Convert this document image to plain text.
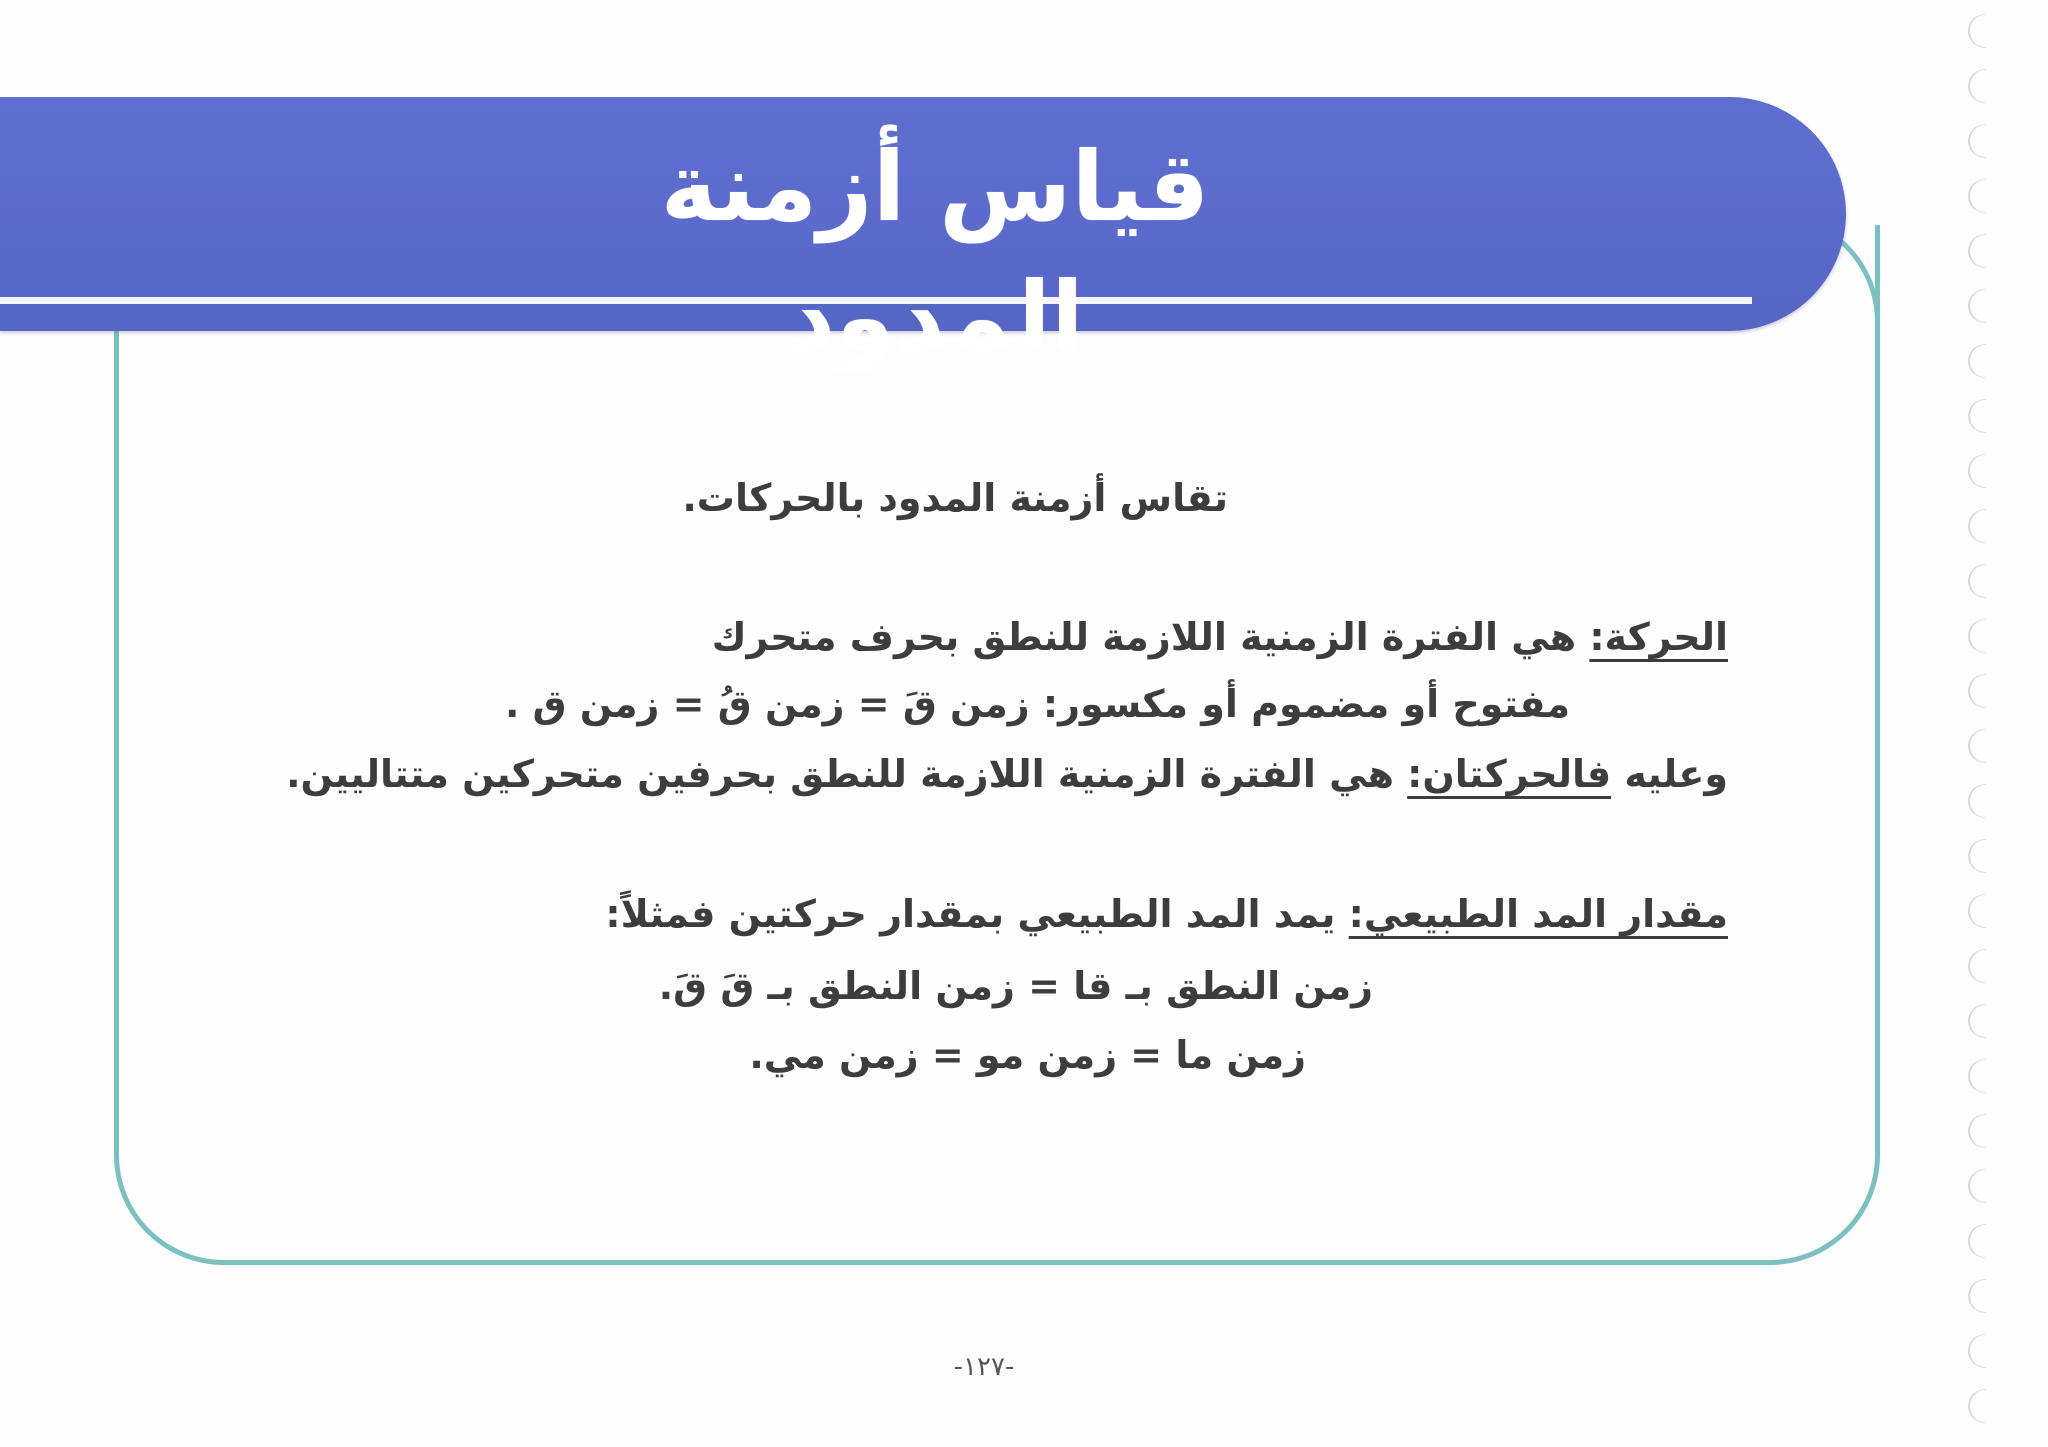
قياس أزمنة المدود
تقاس أزمنة المدود بالحركات.
الحركة: هي الفترة الزمنية اللازمة للنطق بحرف متحرك
مفتوح أو مضموم أو مكسور: زمن قَ = زمن قُ = زمن ق .
وعليه فالحركتان: هي الفترة الزمنية اللازمة للنطق بحرفين متحركين متتاليين.
مقدار المد الطبيعي: يمد المد الطبيعي بمقدار حركتين فمثلاً:
زمن النطق بـ قا = زمن النطق بـ قَ قَ.
زمن ما = زمن مو = زمن مي.
-١٢٧-
